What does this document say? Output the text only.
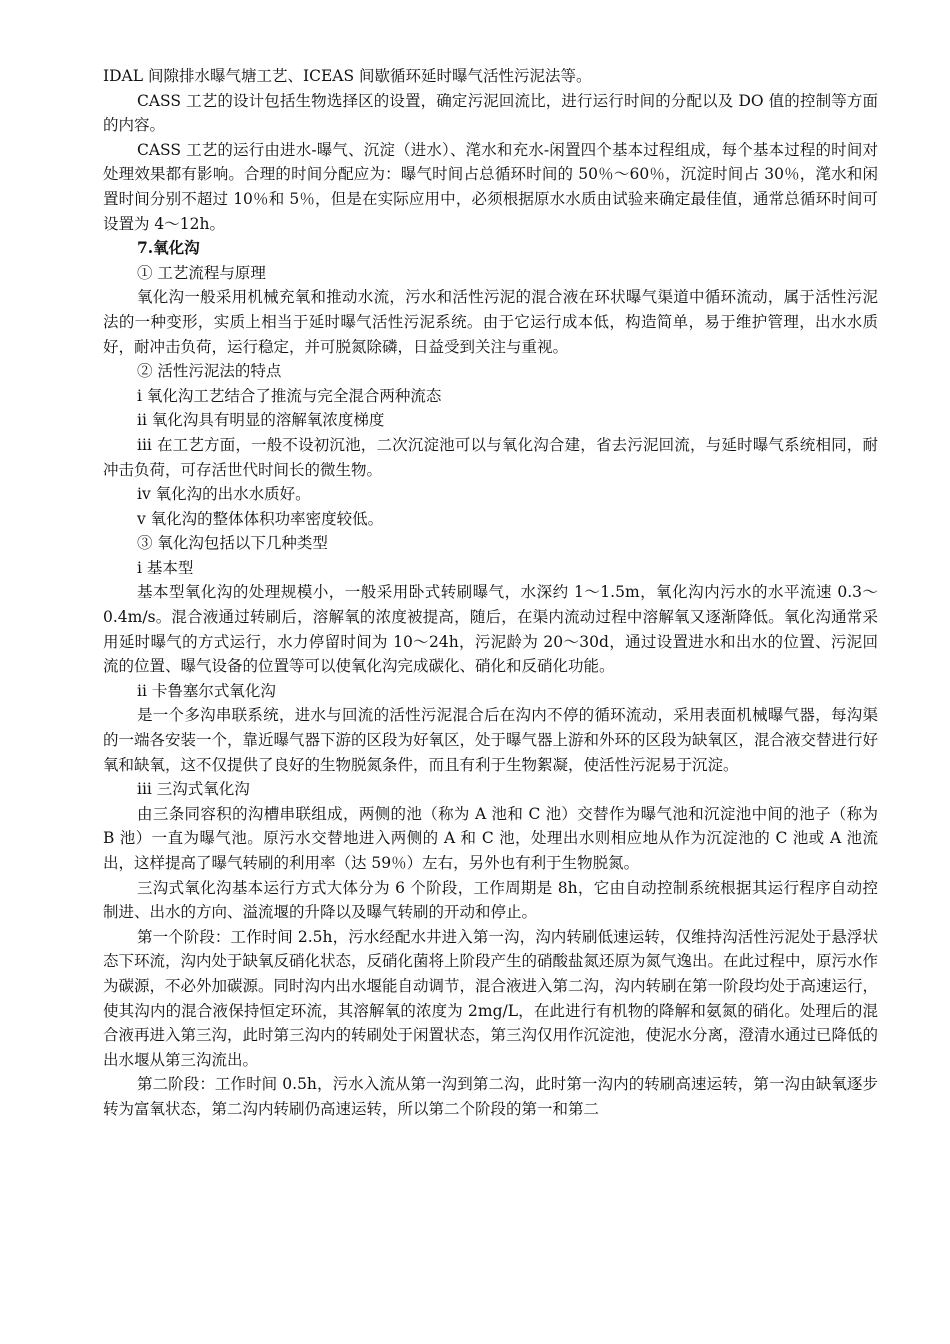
IDAL 间隙排水曝气塘工艺、ICEAS 间歇循环延时曝气活性污泥法等。

CASS 工艺的设计包括生物选择区的设置，确定污泥回流比，进行运行时间的分配以及 DO 值的控制等方面的内容。

CASS 工艺的运行由进水-曝气、沉淀（进水）、滗水和充水-闲置四个基本过程组成，每个基本过程的时间对处理效果都有影响。合理的时间分配应为：曝气时间占总循环时间的 50％～60％，沉淀时间占 30％，滗水和闲置时间分别不超过 10％和 5％，但是在实际应用中，必须根据原水水质由试验来确定最佳值，通常总循环时间可设置为 4～12h。

7.氧化沟

① 工艺流程与原理

氧化沟一般采用机械充氧和推动水流，污水和活性污泥的混合液在环状曝气渠道中循环流动，属于活性污泥法的一种变形，实质上相当于延时曝气活性污泥系统。由于它运行成本低，构造简单，易于维护管理，出水水质好，耐冲击负荷，运行稳定，并可脱氮除磷，日益受到关注与重视。

② 活性污泥法的特点

i 氧化沟工艺结合了推流与完全混合两种流态

ii 氧化沟具有明显的溶解氧浓度梯度

iii 在工艺方面，一般不设初沉池，二次沉淀池可以与氧化沟合建，省去污泥回流，与延时曝气系统相同，耐冲击负荷，可存活世代时间长的微生物。

iv 氧化沟的出水水质好。

v 氧化沟的整体体积功率密度较低。

③ 氧化沟包括以下几种类型

i 基本型

基本型氧化沟的处理规模小，一般采用卧式转刷曝气，水深约 1～1.5m，氧化沟内污水的水平流速 0.3～0.4m/s。混合液通过转刷后，溶解氧的浓度被提高，随后，在渠内流动过程中溶解氧又逐渐降低。氧化沟通常采用延时曝气的方式运行，水力停留时间为 10～24h，污泥龄为 20～30d，通过设置进水和出水的位置、污泥回流的位置、曝气设备的位置等可以使氧化沟完成碳化、硝化和反硝化功能。

ii 卡鲁塞尔式氧化沟

是一个多沟串联系统，进水与回流的活性污泥混合后在沟内不停的循环流动，采用表面机械曝气器，每沟渠的一端各安装一个，靠近曝气器下游的区段为好氧区，处于曝气器上游和外环的区段为缺氧区，混合液交替进行好氧和缺氧，这不仅提供了良好的生物脱氮条件，而且有利于生物絮凝，使活性污泥易于沉淀。

iii 三沟式氧化沟

由三条同容积的沟槽串联组成，两侧的池（称为 A 池和 C 池）交替作为曝气池和沉淀池中间的池子（称为 B 池）一直为曝气池。原污水交替地进入两侧的 A 和 C 池，处理出水则相应地从作为沉淀池的 C 池或 A 池流出，这样提高了曝气转刷的利用率（达 59％）左右，另外也有利于生物脱氮。

三沟式氧化沟基本运行方式大体分为 6 个阶段，工作周期是 8h，它由自动控制系统根据其运行程序自动控制进、出水的方向、溢流堰的升降以及曝气转刷的开动和停止。

第一个阶段：工作时间 2.5h，污水经配水井进入第一沟，沟内转刷低速运转，仅维持沟活性污泥处于悬浮状态下环流，沟内处于缺氧反硝化状态，反硝化菌将上阶段产生的硝酸盐氮还原为氮气逸出。在此过程中，原污水作为碳源，不必外加碳源。同时沟内出水堰能自动调节，混合液进入第二沟，沟内转刷在第一阶段均处于高速运行，使其沟内的混合液保持恒定环流，其溶解氧的浓度为 2mg/L，在此进行有机物的降解和氨氮的硝化。处理后的混合液再进入第三沟，此时第三沟内的转刷处于闲置状态，第三沟仅用作沉淀池，使泥水分离，澄清水通过已降低的出水堰从第三沟流出。

第二阶段：工作时间 0.5h，污水入流从第一沟到第二沟，此时第一沟内的转刷高速运转，第一沟由缺氧逐步转为富氧状态，第二沟内转刷仍高速运转，所以第二个阶段的第一和第二
